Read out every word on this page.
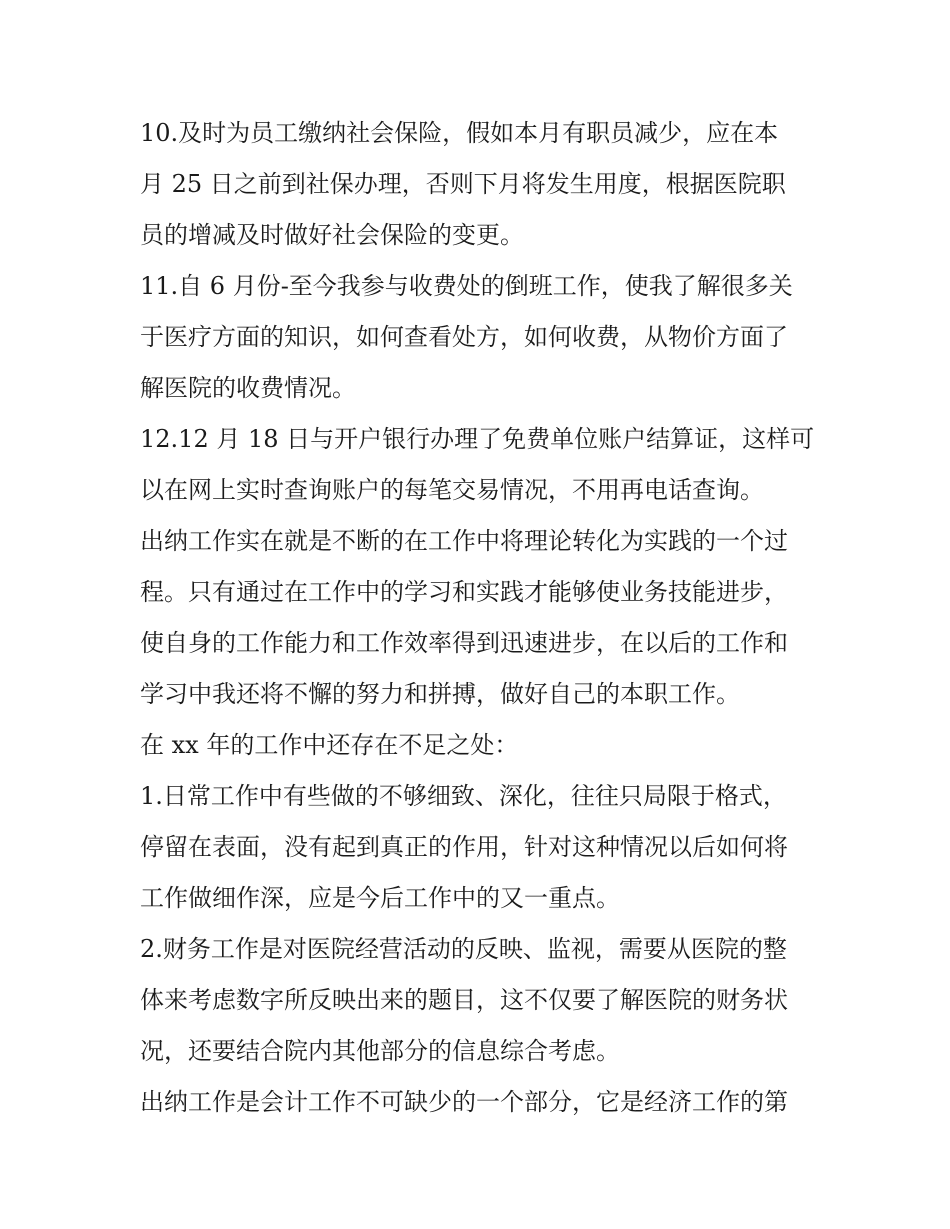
10.及时为员工缴纳社会保险，假如本月有职员减少，应在本
月 25 日之前到社保办理，否则下月将发生用度，根据医院职
员的增减及时做好社会保险的变更。
11.自 6 月份-至今我参与收费处的倒班工作，使我了解很多关
于医疗方面的知识，如何查看处方，如何收费，从物价方面了
解医院的收费情况。
12.12 月 18 日与开户银行办理了免费单位账户结算证，这样可
以在网上实时查询账户的每笔交易情况，不用再电话查询。
出纳工作实在就是不断的在工作中将理论转化为实践的一个过
程。只有通过在工作中的学习和实践才能够使业务技能进步，
使自身的工作能力和工作效率得到迅速进步，在以后的工作和
学习中我还将不懈的努力和拼搏，做好自己的本职工作。
在 xx 年的工作中还存在不足之处：
1.日常工作中有些做的不够细致、深化，往往只局限于格式，
停留在表面，没有起到真正的作用，针对这种情况以后如何将
工作做细作深，应是今后工作中的又一重点。
2.财务工作是对医院经营活动的反映、监视，需要从医院的整
体来考虑数字所反映出来的题目，这不仅要了解医院的财务状
况，还要结合院内其他部分的信息综合考虑。
出纳工作是会计工作不可缺少的一个部分，它是经济工作的第
